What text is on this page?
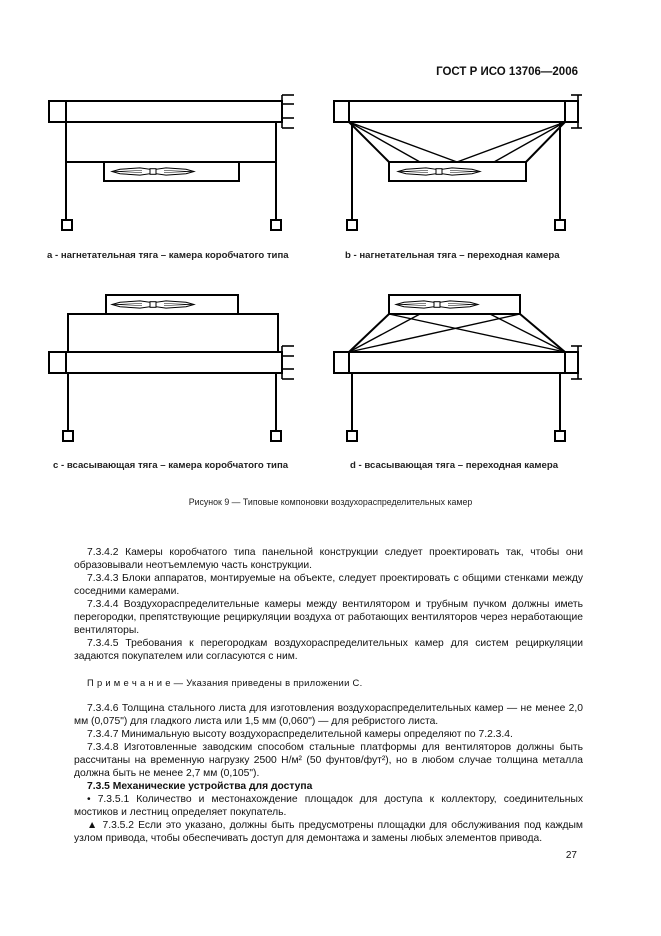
ГОСТ Р ИСО 13706—2006
а - нагнетательная тяга – камера коробчатого типа	b - нагнетательная тяга – переходная камера
с - всасывающая тяга – камера коробчатого типа	d - всасывающая тяга – переходная камера
Рисунок 9 — Типовые компоновки воздухораспределительных камер

7.3.4.2 Камеры коробчатого типа панельной конструкции следует проектировать так, чтобы они образовывали неотъемлемую часть конструкции.

7.3.4.3 Блоки аппаратов, монтируемые на объекте, следует проектировать с общими стенками между соседними камерами.

7.3.4.4 Воздухораспределительные камеры между вентилятором и трубным пучком должны иметь перегородки, препятствующие рециркуляции воздуха от работающих вентиляторов через неработающие вентиляторы.

7.3.4.5 Требования к перегородкам воздухораспределительных камер для систем рециркуляции задаются покупателем или согласуются с ним.

П р и м е ч а н и е — Указания приведены в приложении С.

7.3.4.6 Толщина стального листа для изготовления воздухораспределительных камер — не менее 2,0 мм (0,075") для гладкого листа или 1,5 мм (0,060") — для ребристого листа.

7.3.4.7 Минимальную высоту воздухораспределительной камеры определяют по 7.2.3.4.

7.3.4.8 Изготовленные заводским способом стальные платформы для вентиляторов должны быть рассчитаны на временную нагрузку 2500 Н/м² (50 фунтов/фут²), но в любом случае толщина металла должна быть не менее 2,7 мм (0,105").

7.3.5 Механические устройства для доступа

• 7.3.5.1 Количество и местонахождение площадок для доступа к коллектору, соединительных мостиков и лестниц определяет покупатель.

▲ 7.3.5.2 Если это указано, должны быть предусмотрены площадки для обслуживания под каждым узлом привода, чтобы обеспечивать доступ для демонтажа и замены любых элементов привода.

27
